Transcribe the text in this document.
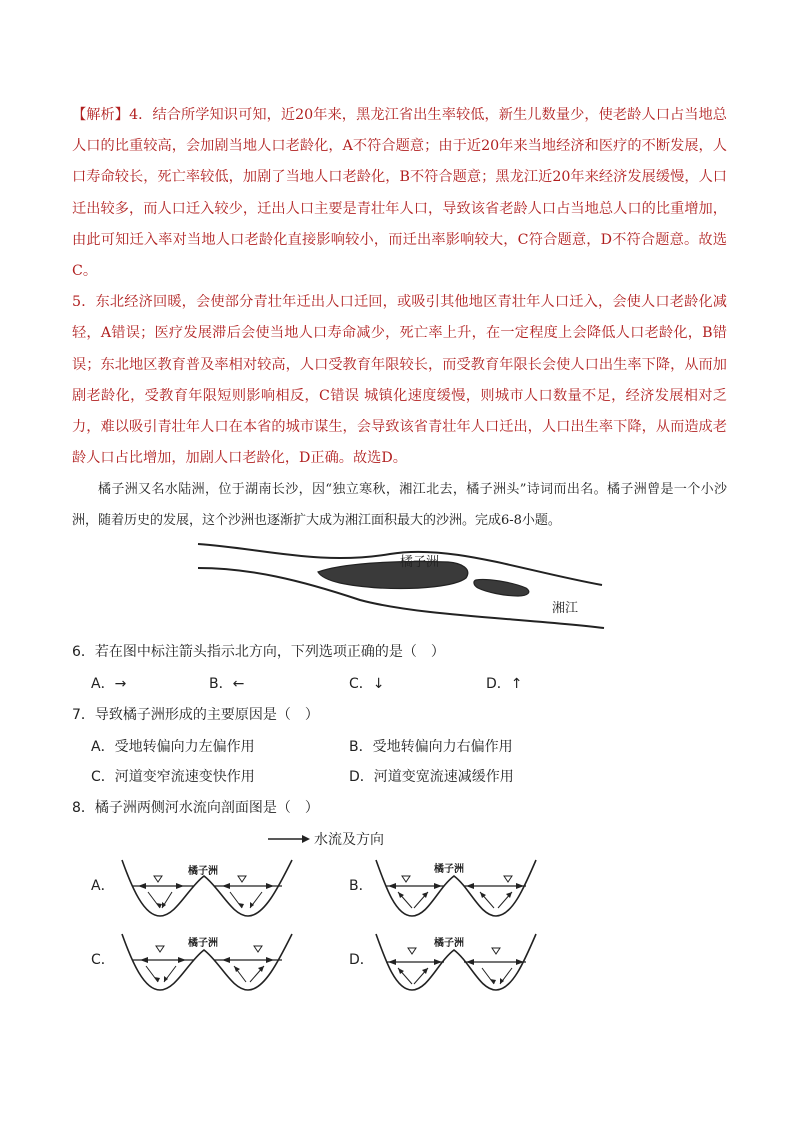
【解析】4．结合所学知识可知，近20年来，黑龙江省出生率较低，新生儿数量少，使老龄人口占当地总人口的比重较高，会加剧当地人口老龄化，A不符合题意；由于近20年来当地经济和医疗的不断发展，人口寿命较长，死亡率较低，加剧了当地人口老龄化，B不符合题意；黑龙江近20年来经济发展缓慢，人口迁出较多，而人口迁入较少，迁出人口主要是青壮年人口，导致该省老龄人口占当地总人口的比重增加，由此可知迁入率对当地人口老龄化直接影响较小，而迁出率影响较大，C符合题意，D不符合题意。故选C。

5．东北经济回暖，会使部分青壮年迁出人口迁回，或吸引其他地区青壮年人口迁入，会使人口老龄化减轻，A错误；医疗发展滞后会使当地人口寿命减少，死亡率上升，在一定程度上会降低人口老龄化，B错误；东北地区教育普及率相对较高，人口受教育年限较长，而受教育年限长会使人口出生率下降，从而加剧老龄化，受教育年限短则影响相反，C错误 城镇化速度缓慢，则城市人口数量不足，经济发展相对乏力，难以吸引青壮年人口在本省的城市谋生，会导致该省青壮年人口迁出，人口出生率下降，从而造成老龄人口占比增加，加剧人口老龄化，D正确。故选D。

橘子洲又名水陆洲，位于湖南长沙，因“独立寒秋，湘江北去，橘子洲头”诗词而出名。橘子洲曾是一个小沙洲，随着历史的发展，这个沙洲也逐渐扩大成为湘江面积最大的沙洲。完成6-8小题。
橘子洲
湘江
6．若在图中标注箭头指示北方向，下列选项正确的是（　）
A．→	B．←	C．↓	D．↑
7．导致橘子洲形成的主要原因是（　）
A．受地转偏向力左偏作用	B．受地转偏向力右偏作用
C．河道变窄流速变快作用	D．河道变宽流速减缓作用
8．橘子洲两侧河水流向剖面图是（　）
水流及方向
A．
橘子洲
B．
橘子洲
C．
橘子洲
D．
橘子洲
